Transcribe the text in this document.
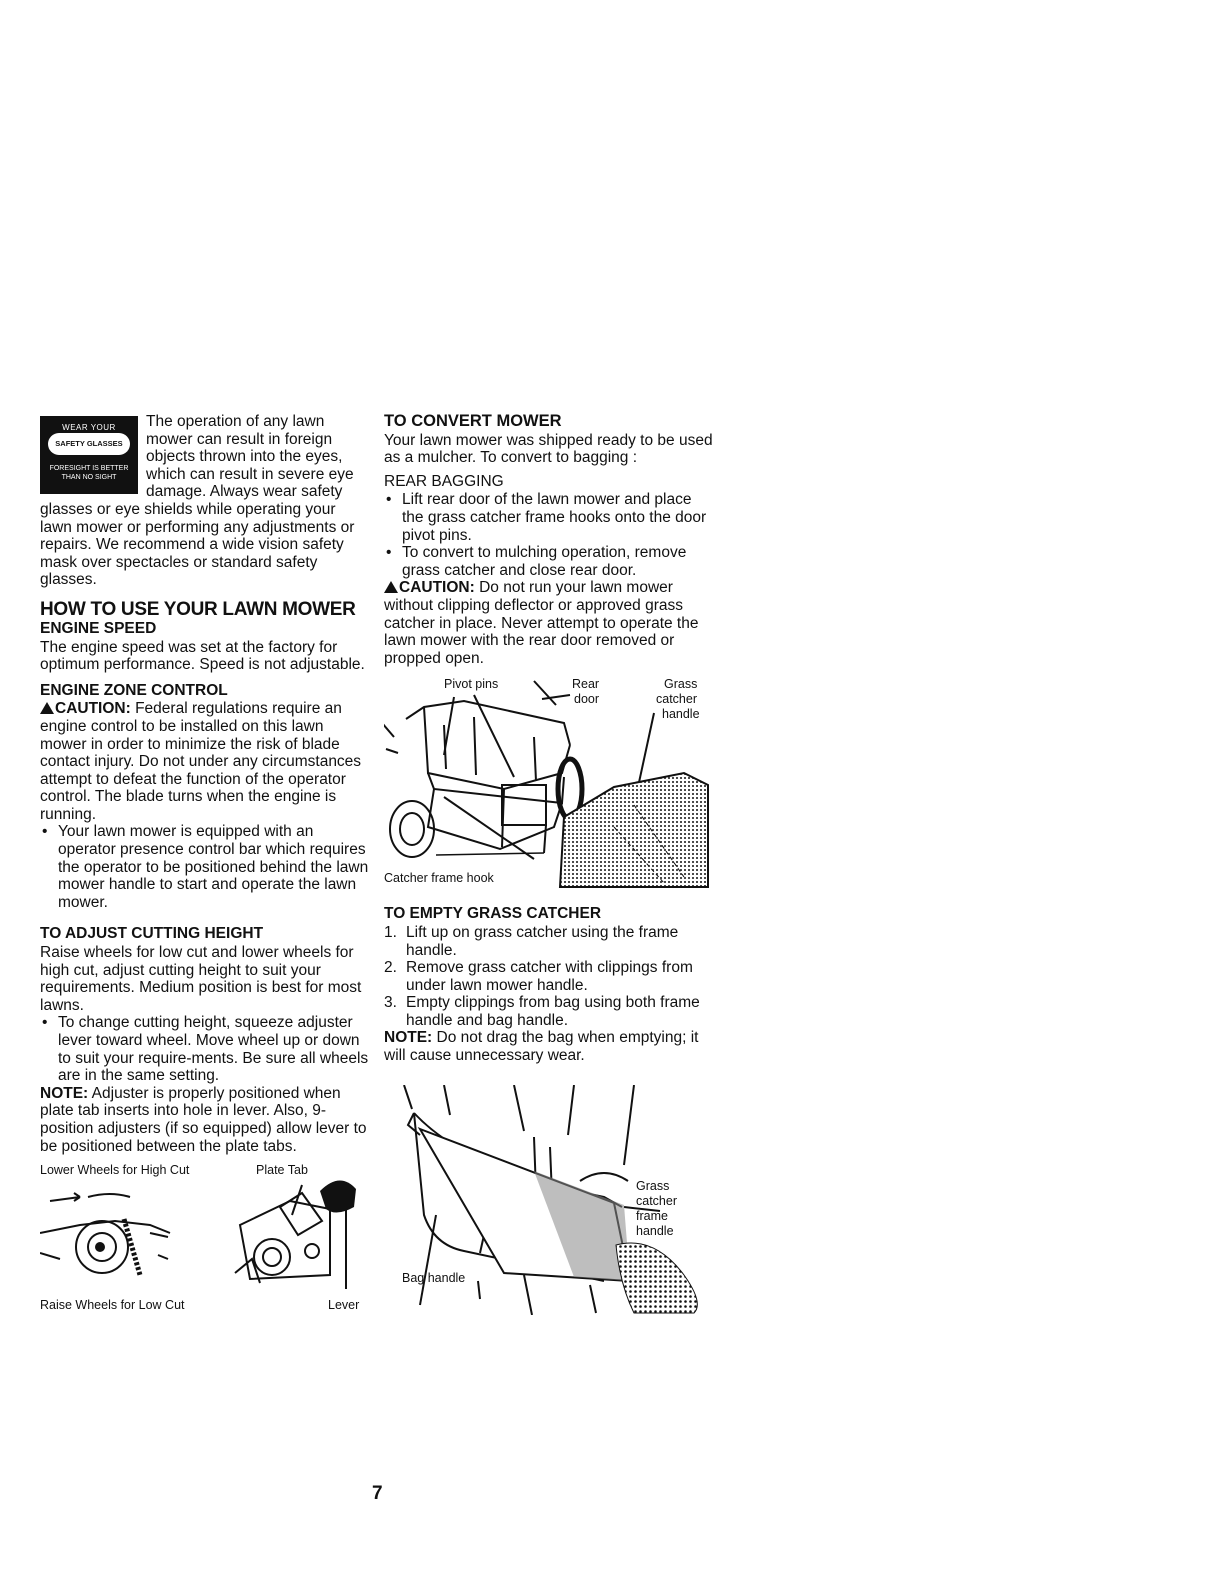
WEAR YOUR
SAFETY GLASSES
FORESIGHT IS BETTER
THAN NO SIGHT

The operation of any lawn mower can result in foreign objects thrown into the eyes, which can result in severe eye damage. Always wear safety glasses or eye shields while operating your lawn mower or performing any adjustments or repairs. We recommend a wide vision safety mask over spectacles or standard safety glasses.

HOW TO USE YOUR LAWN MOWER
ENGINE SPEED

The engine speed was set at the factory for optimum performance. Speed is not adjustable.

ENGINE ZONE CONTROL

CAUTION: Federal regulations require an engine control to be installed on this lawn mower in order to minimize the risk of blade contact injury. Do not under any circumstances attempt to defeat the function of the operator control. The blade turns when the engine is running.

• Your lawn mower is equipped with an operator presence control bar which requires the operator to be positioned behind the lawn mower handle to start and operate the lawn mower.
TO ADJUST CUTTING HEIGHT

Raise wheels for low cut and lower wheels for high cut, adjust cutting height to suit your requirements. Medium position is best for most lawns.

• To change cutting height, squeeze adjuster lever toward wheel. Move wheel up or down to suit your require-ments. Be sure all wheels are in the same setting.

NOTE: Adjuster is properly positioned when plate tab inserts into hole in lever. Also, 9-position adjusters (if so equipped) allow lever to be positioned between the plate tabs.

Lower Wheels for High Cut	Plate Tab
Raise Wheels for Low Cut	Lever
TO CONVERT MOWER

Your lawn mower was shipped ready to be used as a mulcher. To convert to bagging :

REAR BAGGING

• Lift rear door of the lawn mower and place the grass catcher frame hooks onto the door pivot pins.
• To convert to mulching operation, remove grass catcher and close rear door.

CAUTION: Do not run your lawn mower without clipping deflector or approved grass catcher in place. Never attempt to operate the lawn mower with the rear door removed or propped open.

Pivot pins	Rear
door
Grass
catcher
handle
Catcher frame hook
TO EMPTY GRASS CATCHER
1. Lift up on grass catcher using the frame handle.
2. Remove grass catcher with clippings from under lawn mower handle.
3. Empty clippings from bag using both frame handle and bag handle.

NOTE: Do not drag the bag when emptying; it will cause unnecessary wear.

Grass
catcher
frame
handle
Bag handle
7
